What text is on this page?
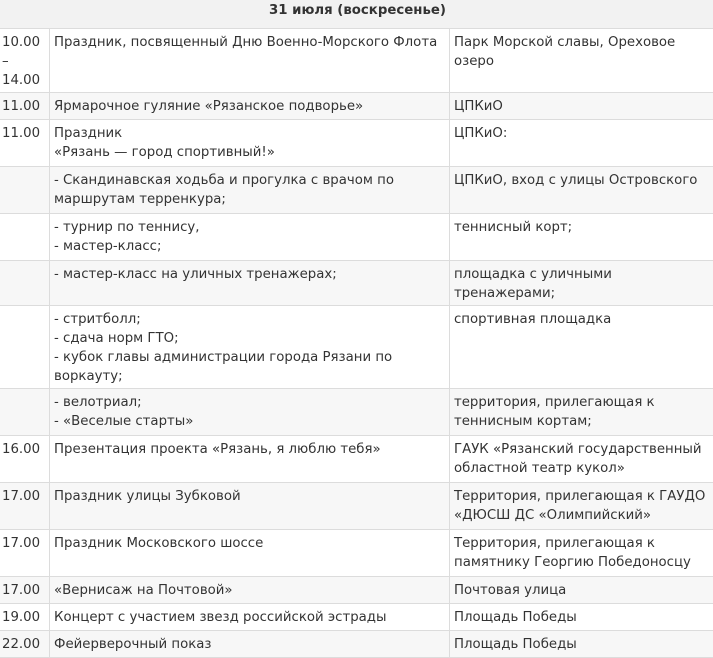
31 июля (воскресенье)		

10.00
–
14.00	Праздник, посвященный Дню Военно-Морского Флота	Парк Морской славы, Ореховое
озеро

11.00	Ярмарочное гуляние «Рязанское подворье»	ЦПКиО

11.00	Праздник
«Рязань — город спортивный!»	ЦПКиО:

	- Скандинавская ходьба и прогулка с врачом по
маршрутам терренкура;	ЦПКиО, вход с улицы Островского

	- турнир по теннису,
- мастер-класс;	теннисный корт;

	- мастер-класс на уличных тренажерах;	площадка с уличными тренажерами;

	- стритболл;
- сдача норм ГТО;
- кубок главы администрации города Рязани по
воркауту;	спортивная площадка

	- велотриал;
- «Веселые старты»	территория, прилегающая к
теннисным кортам;

16.00	Презентация проекта «Рязань, я люблю тебя»	ГАУК «Рязанский государственный
областной театр кукол»

17.00	Праздник улицы Зубковой	Территория, прилегающая к ГАУДО
«ДЮСШ ДС «Олимпийский»

17.00	Праздник Московского шоссе	Территория, прилегающая к
памятнику Георгию Победоносцу

17.00	«Вернисаж на Почтовой»	Почтовая улица

19.00	Концерт с участием звезд российской эстрады	Площадь Победы

22.00	Фейерверочный показ	Площадь Победы
